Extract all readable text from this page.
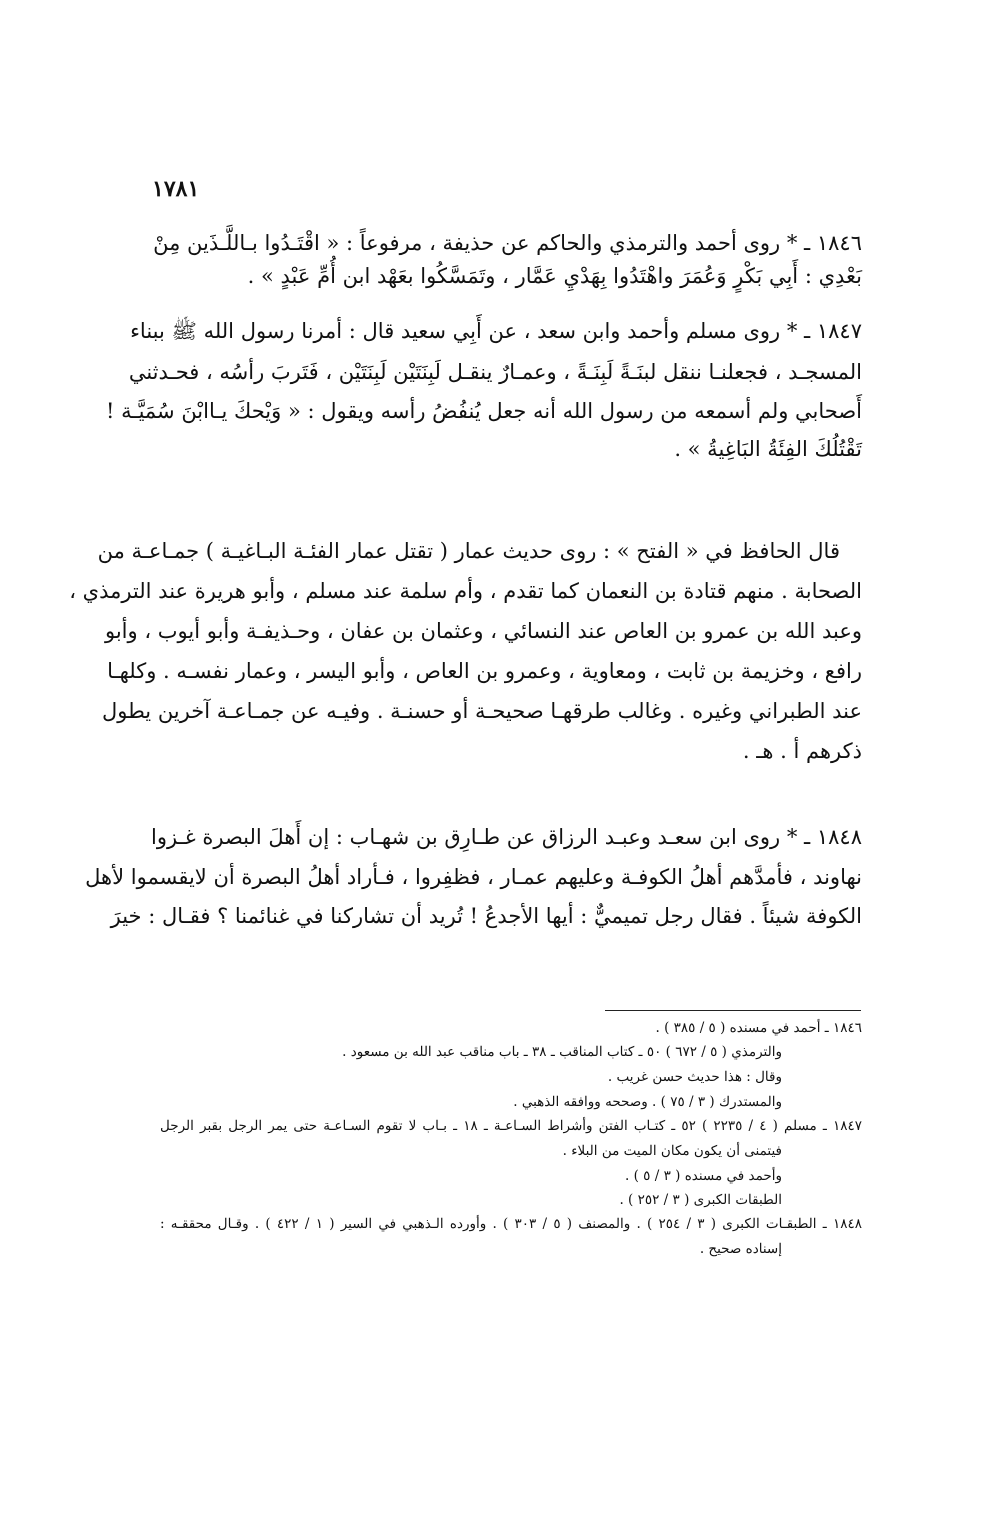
١٧٨١
١٨٤٦ ـ * روى أحمد والترمذي والحاكم عن حذيفة ، مرفوعاً : « اقْتَـدُوا بـاللَّـذَين مِنْ
بَعْدِي : أَبِي بَكْرٍ وَعُمَرَ واهْتَدُوا بِهَدْيِ عَمَّار ، وتَمَسَّكُوا بعَهْد ابن أُمِّ عَبْدٍ » .
١٨٤٧ ـ * روى مسلم وأحمد وابن سعد ، عن أَبِي سعيد قال : أمرنا رسول الله ﷺ ببناء
المسجـد ، فجعلنـا ننقل لبنَـةً لَبِنَـةً ، وعمـارٌ ينقـل لَبِنَتَيْن لَبِنَتَيْن ، فَتَربَ رأسُه ، فحـدثني
أَصحابي ولم أسمعه من رسول الله أنه جعل يُنفُضُ رأسه ويقول : « وَيْحكَ يـاابْنَ سُمَيَّـة !
تَقْتُلُكَ الفِئَةُ البَاغِيةُ » .
قال الحافظ في « الفتح » : روى حديث عمار ( تقتل عمار الفئـة البـاغيـة ) جمـاعـة من
الصحابة . منهم قتادة بن النعمان كما تقدم ، وأم سلمة عند مسلم ، وأبو هريرة عند الترمذي ،
وعبد الله بن عمرو بن العاص عند النسائي ، وعثمان بن عفان ، وحـذيفـة وأبو أيوب ، وأبو
رافع ، وخزيمة بن ثابت ، ومعاوية ، وعمرو بن العاص ، وأبو اليسر ، وعمار نفسـه . وكلهـا
عند الطبراني وغيره . وغالب طرقهـا صحيحـة أو حسنـة . وفيـه عن جمـاعـة آخرين يطول
ذكرهم أ . هـ .
١٨٤٨ ـ * روى ابن سعـد وعبـد الرزاق عن طـارِق بن شهـاب : إن أَهلَ البصرة غـزوا
نهاوند ، فأمدَّهم أهلُ الكوفـة وعليهم عمـار ، فظفِروا ، فـأراد أهلُ البصرة أن لايقسموا لأهل
الكوفة شيئاً . فقال رجل تميميٌّ : أيها الأجدعُ ! تُريد أن تشاركنا في غنائمنا ؟ فقـال : خيرَ
١٨٤٦ ـ أحمد في مسنده ( ٥ / ٣٨٥ ) .
والترمذي ( ٥ / ٦٧٢ ) ٥٠ ـ كتاب المناقب ـ ٣٨ ـ باب مناقب عبد الله بن مسعود .
وقال : هذا حديث حسن غريب .
والمستدرك ( ٣ / ٧٥ ) . وصححه ووافقه الذهبي .
١٨٤٧ ـ مسلم ( ٤ / ٢٢٣٥ ) ٥٢ ـ كتـاب الفتن وأشراط السـاعـة ـ ١٨ ـ بـاب لا تقوم السـاعـة حتى يمر الرجل بقبر الرجل
فيتمنى أن يكون مكان الميت من البلاء .
وأحمد في مسنده ( ٣ / ٥ ) .
الطبقات الكبرى ( ٣ / ٢٥٢ ) .
١٨٤٨ ـ الطبقـات الكبرى ( ٣ / ٢٥٤ ) . والمصنف ( ٥ / ٣٠٣ ) . وأورده الـذهبي في السير ( ١ / ٤٢٢ ) . وقـال محققـه :
إسناده صحيح .
